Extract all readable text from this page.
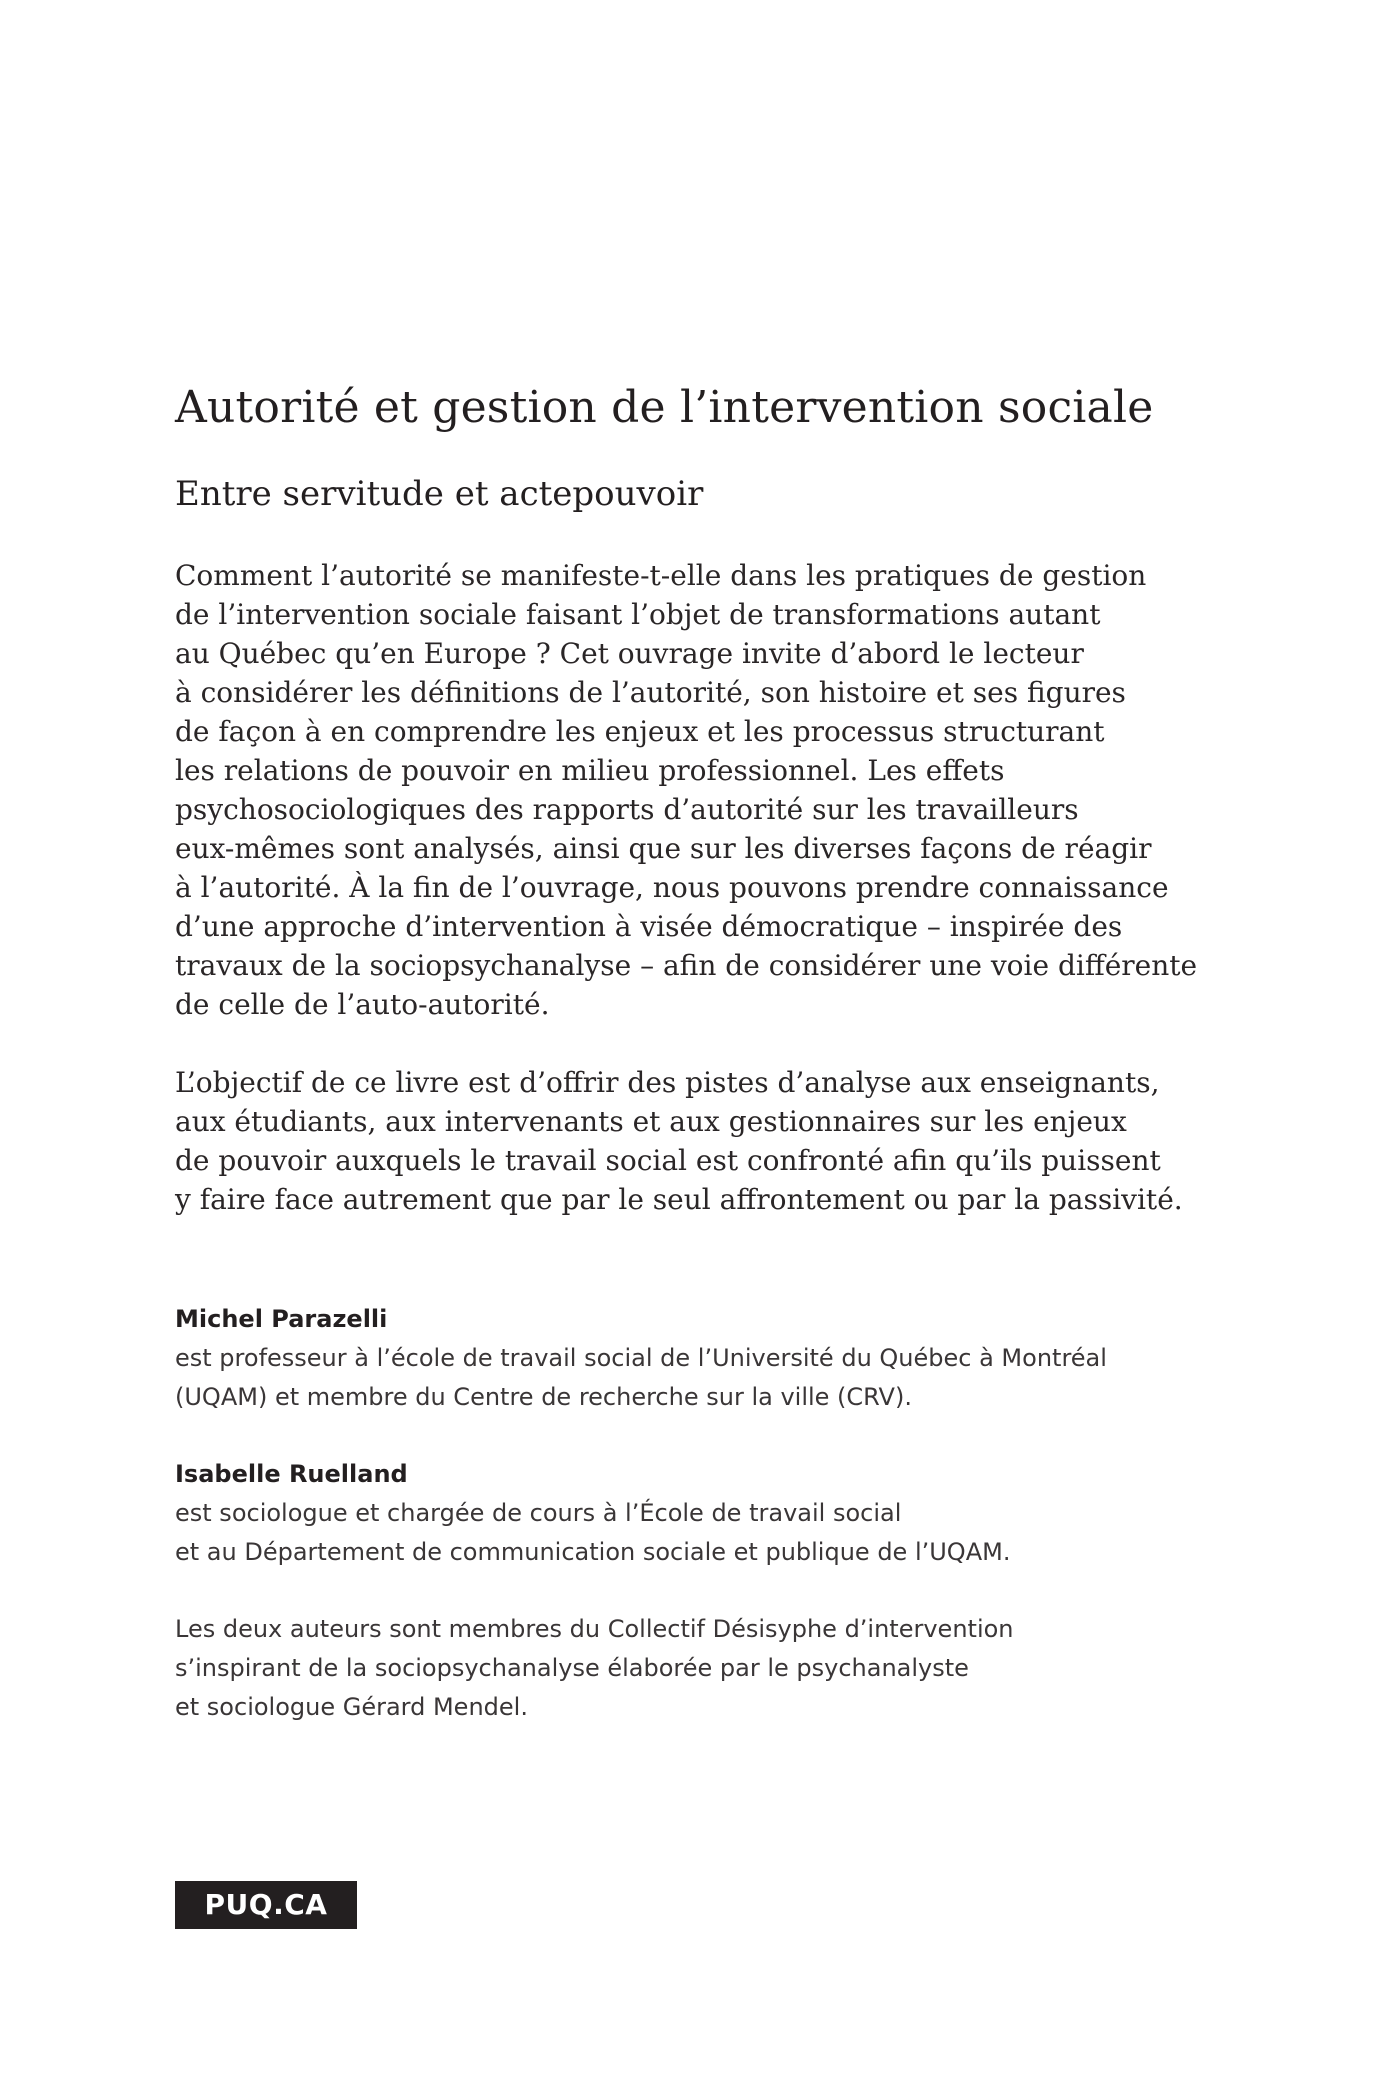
Autorité et gestion de l’intervention sociale
Entre servitude et actepouvoir

Comment l’autorité se manifeste-t-elle dans les pratiques de gestion
de l’intervention sociale faisant l’objet de transformations autant
au Québec qu’en Europe ? Cet ouvrage invite d’abord le lecteur
à considérer les définitions de l’autorité, son histoire et ses figures
de façon à en comprendre les enjeux et les processus structurant
les relations de pouvoir en milieu professionnel. Les effets
psychosociologiques des rapports d’autorité sur les travailleurs
eux-mêmes sont analysés, ainsi que sur les diverses façons de réagir
à l’autorité. À la fin de l’ouvrage, nous pouvons prendre connaissance
d’une approche d’intervention à visée démocratique – inspirée des
travaux de la sociopsychanalyse – afin de considérer une voie différente
de celle de l’auto-autorité.

L’objectif de ce livre est d’offrir des pistes d’analyse aux enseignants,
aux étudiants, aux intervenants et aux gestionnaires sur les enjeux
de pouvoir auxquels le travail social est confronté afin qu’ils puissent
y faire face autrement que par le seul affrontement ou par la passivité.

Michel Parazelli
est professeur à l’école de travail social de l’Université du Québec à Montréal
(UQAM) et membre du Centre de recherche sur la ville (CRV).
Isabelle Ruelland
est sociologue et chargée de cours à l’École de travail social
et au Département de communication sociale et publique de l’UQAM.
Les deux auteurs sont membres du Collectif Désisyphe d’intervention
s’inspirant de la sociopsychanalyse élaborée par le psychanalyste
et sociologue Gérard Mendel.
PUQ.CA
